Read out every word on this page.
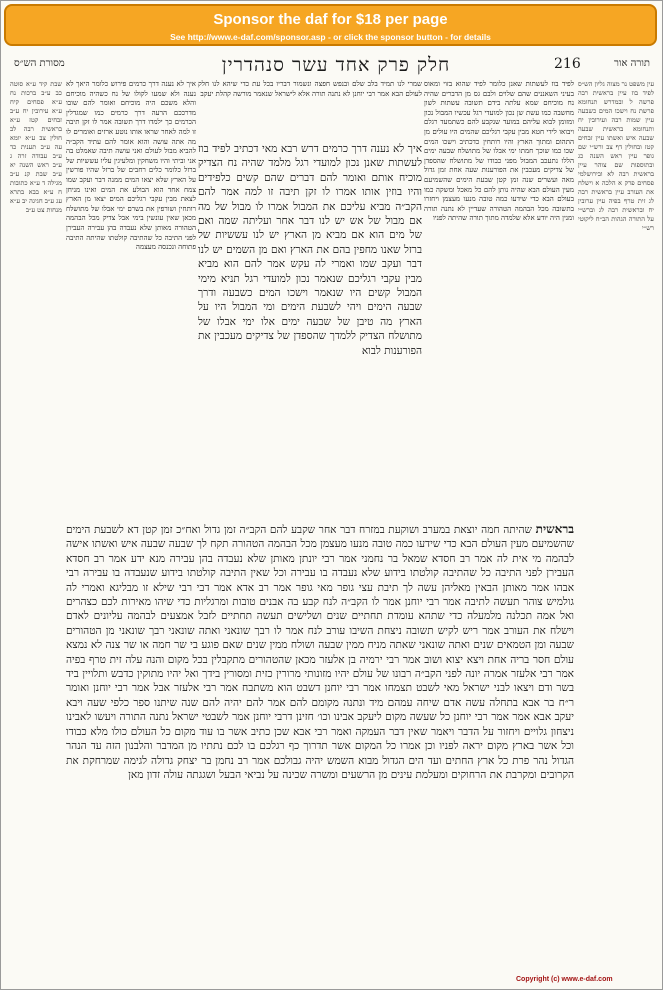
Sponsor the daf for $18 per page
See http://www.e-daf.com/sponsor.asp - or click the sponsor button - for details
מסורת הש״ס	חלק פרק אחד עשר סנהדרין	216	תורה אור
שבת קיד ע״א סוטה כב ע״ב ברכות נח ע״א פסחים קיח ע״א עירובין יח ע״ב זבחים קטז ע״א בראשית רבה לב חולין צב ע״א יומא עה ע״ב תענית כד ע״ב עבודה זרה ג ע״ב ראש השנה יא ע״ב שבת קנ ע״ב מגילה ד ע״א כתובות ח ע״א בבא בתרא עג ע״ב חגיגה יב ע״א מנחות צט ע״ב
איך לא נענה דרך כרמים פירוש כלומר היאך לא נענה ולא שמעו לקולו של נח כשהיה מוכיחם והלא משכם היה מוכיחם ואומר להם שובו מדרככם הרעה דרך כרמים כמו שמגדלין הכרמים כך ילמדו דרך תשובה אמר לו זקן תיבה זו למה לאחר שראו אותו נוטע ארזים ואומרים לו מה אתה עושה והוא אומר להם עתיד הקב״ה להביא מבול לעולם ואני עושה תיבה שאמלט בה אני וביתי והיו משחקין ומלעיגין עליו עששיות של ברזל כלומר כלים רחבים של ברזל שהיו פורשין על הארץ שלא יצאו המים ממנה דבר ועקב שמו צמח אחד הוא הבולע את המים ואינו מניחן לצאת מבין עקבי רגליכם המים יצאו מן הארץ רותחין ושורפין את בשרם ימי אבלו של מתושלח מכאן שאין עונשין בימי אבל צדיק מכל הבהמה הטהורה מאותן שלא נעבדה בהן עבירה העבירן לפני התיבה כל שהתיבה קולטתו שהיתה התיבה פתוחה ונכנסה מעצמה
שמרי לנו תמיד בלב שלם ובנפש חפצה ונשמור דבריו בכל עת כדי שיהא לנו חלק לעולם הבא אמר רבי יוחנן לא נתנה תורה אלא לישראל שנאמר מורשה קהלת יעקב
איך לא נענה דרך כרמים דרש רבא מאי דכתיב לפיד בוז לעשתות שאנן נכון למועדי רגל מלמד שהיה נח הצדיק מוכיח אותם ואומר להם דברים שהם קשים כלפידים והיו בוזין אותו אמרו לו זקן תיבה זו למה אמר להם הקב״ה מביא עליכם את המבול אמרו לו מבול של מה אם מבול של אש יש לנו דבר אחר ועליתה שמה ואם של מים הוא אם מביא מן הארץ יש לנו עששיות של ברזל שאנו מחפין בהם את הארץ ואם מן השמים יש לנו דבר ועקב שמו ואמרי לה עקש אמר להם הוא מביא מבין עקבי רגליכם שנאמר נכון למועדי רגל תניא מימי המבול קשים היו שנאמר וישכו המים כשבעה ודרך שבעה הימים ויהי לשבעת הימים ומי המבול היו על הארץ מה טיבן של שבעה ימים אלו ימי אבלו של מתושלח הצדיק ללמדך שהספדן של צדיקים מעכבין את הפורענות לבוא
לפיד בוז לעשתות שאנן כלומר לפיד שהוא בזוי ומאוס בעיני השאננים שהם שלוים ולבם גס מן הדברים שהיה נח מוכיחם שמא עלתה בידם תשובה עשתות לשון מחשבה כמו עשת שן נכון למועדי רגל עכשיו המבול נכון ומזומן לבוא עליהם במועד שנקבע להם כשתמעד רגלם ויבואו לידי חטא מבין עקבי רגליכם שהמים היו עולים מן התהום ומתוך הארץ והיו רותחין כדכתיב וישכו המים שכו כמו שוכך חמתו ימי אבלו של מתושלח שבעה ימים הללו נתעכב המבול מפני כבודו של מתושלח שהספדן של צדיקים מעכבין את הפורענות שעה אחת זמן גדול מאה ועשרים שנה זמן קטן שבעת הימים שהשמיעם מעין העולם הבא שהיה נותן להם כל מאכל ומשקה כמו בעולם הבא כדי שידעו כמה טובה מנעו מעצמן ויחזרו בתשובה מכל הבהמה הטהורה שעדיין לא נתנה תורה ומנין היה יודע אלא שלמדה מתוך תורה שהיתה לפניו
עין משפט נר מצוה גליון הש״ס לפיד בוז עיין בראשית רבה פרשה ל ובמדרש תנחומא פרשת נח וישכו המים כשבעה עיין שמות רבה ועירובין יח ותנחומא בראשית שבעה שבעה איש ואשתו עיין זבחים קטז ובחולין דף צב ורש״י שם גופר עיין ראש השנה כג ובתוספות שם צוהר עיין בראשית רבה לא ובירושלמי פסחים פרק א הלכה א וישלח את העורב עיין בראשית רבה לג זית טרף בפיה עיין ערובין יח ובראשית רבה לג וברש״י על התורה הגהות הב״ח ליקוטי רש״י

בראשית שהיתה חמה יוצאת במערב ושוקעת במזרח דבר אחר שקבע להם הקב״ה זמן גדול ואח״כ זמן קטן דא לשבעת הימים שהשמיעם מעין העולם הבא כדי שידעו כמה טובה מנעו מעצמן מכל הבהמה הטהורה תקח לך שבעה שבעה איש ואשתו אישה לבהמה מי אית לה אמר רב חסדא שמאל בר נחמני אמר רבי יונתן מאותן שלא נעבדה בהן עבירה מנא ידע אמר רב חסדא העבירן לפני התיבה כל שהתיבה קולטתו בידוע שלא נעבדה בו עבירה וכל שאין התיבה קולטתו בידוע שנעבדה בו עבירה רבי אבהו אמר מאותן הבאין מאליהן עשה לך תיבת עצי גופר מאי גופר אמר רב אדא אמר דבי רבי שילא זו מבליגא ואמרי לה גולמיש צוהר תעשה לתיבה אמר רבי יוחנן אמר לו הקב״ה לנח קבע בה אבנים טובות ומרגליות כדי שיהו מאירות לכם כצהרים ואל אמה תכלנה מלמעלה כדי שתהא עומדת תחתיים שנים ושלישים תעשה תחתיים לזבל אמצעים לבהמה עליונים לאדם וישלח את העורב אמר ריש לקיש תשובה ניצחת השיבו עורב לנח אמר לו רבך שונאני ואתה שונאני רבך שונאני מן הטהורים שבעה ומן הטמאים שנים ואתה שונאני שאתה מניח ממין שבעה ושולח ממין שנים שאם פוגע בי שר חמה או שר צנה לא נמצא עולם חסר בריה אחת ויצא יצוא ושוב אמר רבי ירמיה בן אלעזר מכאן שהטהורים מתקבלין בכל מקום והנה עלה זית טרף בפיה אמר רבי אלעזר אמרה יונה לפני הקב״ה רבונו של עולם יהיו מזונותי מרורין כזית ומסורין בידך ואל יהיו מתוקין כדבש ותלויין ביד בשר ודם ויצאו לבני ישראל מאי לשבט תצמחו אמר רבי יוחנן דשבט הוא משתבח אמר רבי אלעזר אבל אמר רבי יוחנן ואומר ר״ח בר אבא בתחלה עשה אדם שיחה עמהם מיד ונתנה מקומם להם אמר להם יהיה להם שנה שיתנו ספר כלפי שעה ויבא יעקב אבא אמר אמר רבי יוחנן כל שעשה מקום ליעקב אבינו וכו׳ חזינן דרבי יוחנן אמר לשבטי ישראל נתנה התורה ויעשו לאבינו ניצחון גלויים ויחזור על הדבר ויאמר שאין דבר העמקה ואמר רבי אבא שכן כתיב אשר בו עוד מקום כל העולם כולו מלא כבודו וכל אשר בארץ מקום יראה לפניו וכן אמרו כל המקום אשר תדרוך כף רגלכם בו לכם נתתיו מן המדבר והלבנון הזה עד הנהר הגדול נהר פרת כל ארץ החתים ועד הים הגדול מבוא השמש יהיה גבולכם אמר רב נחמן בר יצחק גדולה לגימה שמרחקת את הקרובים ומקרבת את הרחוקים ומעלמת עינים מן הרשעים ומשרה שכינה על נביאי הבעל ושגגתה עולה זדון מאן

Copyright (c) www.e-daf.com
